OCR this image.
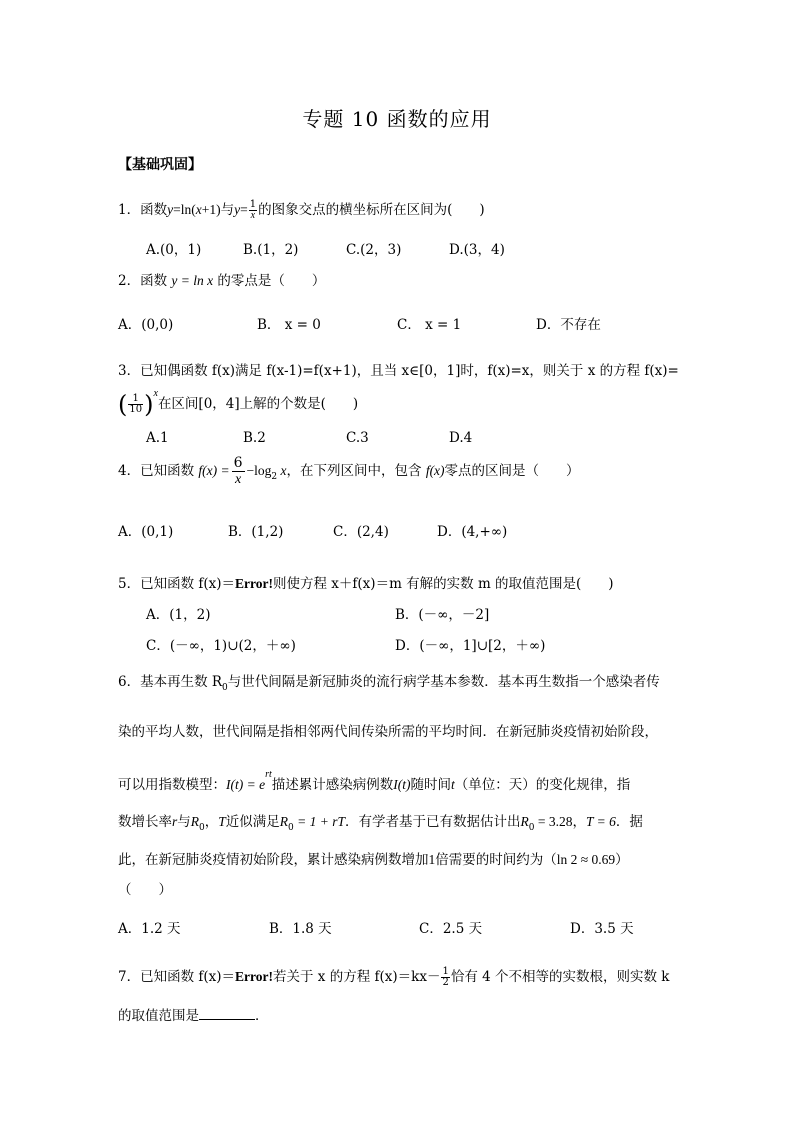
专题 10 函数的应用
【基础巩固】
1．函数y=ln(x+1)与$y= \frac{1}{x}$ 的图象交点的横坐标所在区间为(　　)
A.(0，1)	B.(1，2)	C.(2，3)	D.(3，4)
2．函数 y = ln x 的零点是（　　）
A．(0,0)	B． x = 0	C． x = 1	D．不存在
3．已知偶函数 f(x)满足 f(x-1)=f(x+1)，且当 x∈[0，1]时，f(x)=x，则关于 x 的方程 f(x)=
( $\frac{1}{10} )^x$在区间[0，4]上解的个数是(　　)
A.1	B.2	C.3	D.4
4．已知函数 $f(x) = \frac{6}{x} -\log_2$ x，在下列区间中，包含 f(x)零点的区间是（　　）
A．(0,1)	B．(1,2)	C．(2,4)	D．(4,+∞)
5．已知函数 f(x)＝Error!则使方程 x＋f(x)＝m 有解的实数 m 的取值范围是(　　)
A．(1，2)	B．(－∞，－2]
C．(－∞，1)∪(2，＋∞)	D．(－∞，1]∪[2，＋∞)
6．基本再生数 $R_0$与世代间隔是新冠肺炎的流行病学基本参数．基本再生数指一个感染者传
染的平均人数，世代间隔是指相邻两代间传染所需的平均时间．在新冠肺炎疫情初始阶段，
可以用指数模型：$I(t) = e^{rt}$描述累计感染病例数I(t)随时间t（单位：天）的变化规律，指
数增长率r与$R_0$，T近似满足$R_0 = 1$ + rT．有学者基于已有数据估计出$R_0 = 3.28$，T = 6．据
此，在新冠肺炎疫情初始阶段，累计感染病例数增加1倍需要的时间约为（ln 2 ≈ 0.69）
（　　）
A．1.2 天	B．1.8 天	C．2.5 天	D．3.5 天
7．已知函数 f(x)＝Error!若关于 x 的方程 $f(x)=kx- \frac{1}{2}$ 恰有 4 个不相等的实数根，则实数 k
的取值范围是	．
